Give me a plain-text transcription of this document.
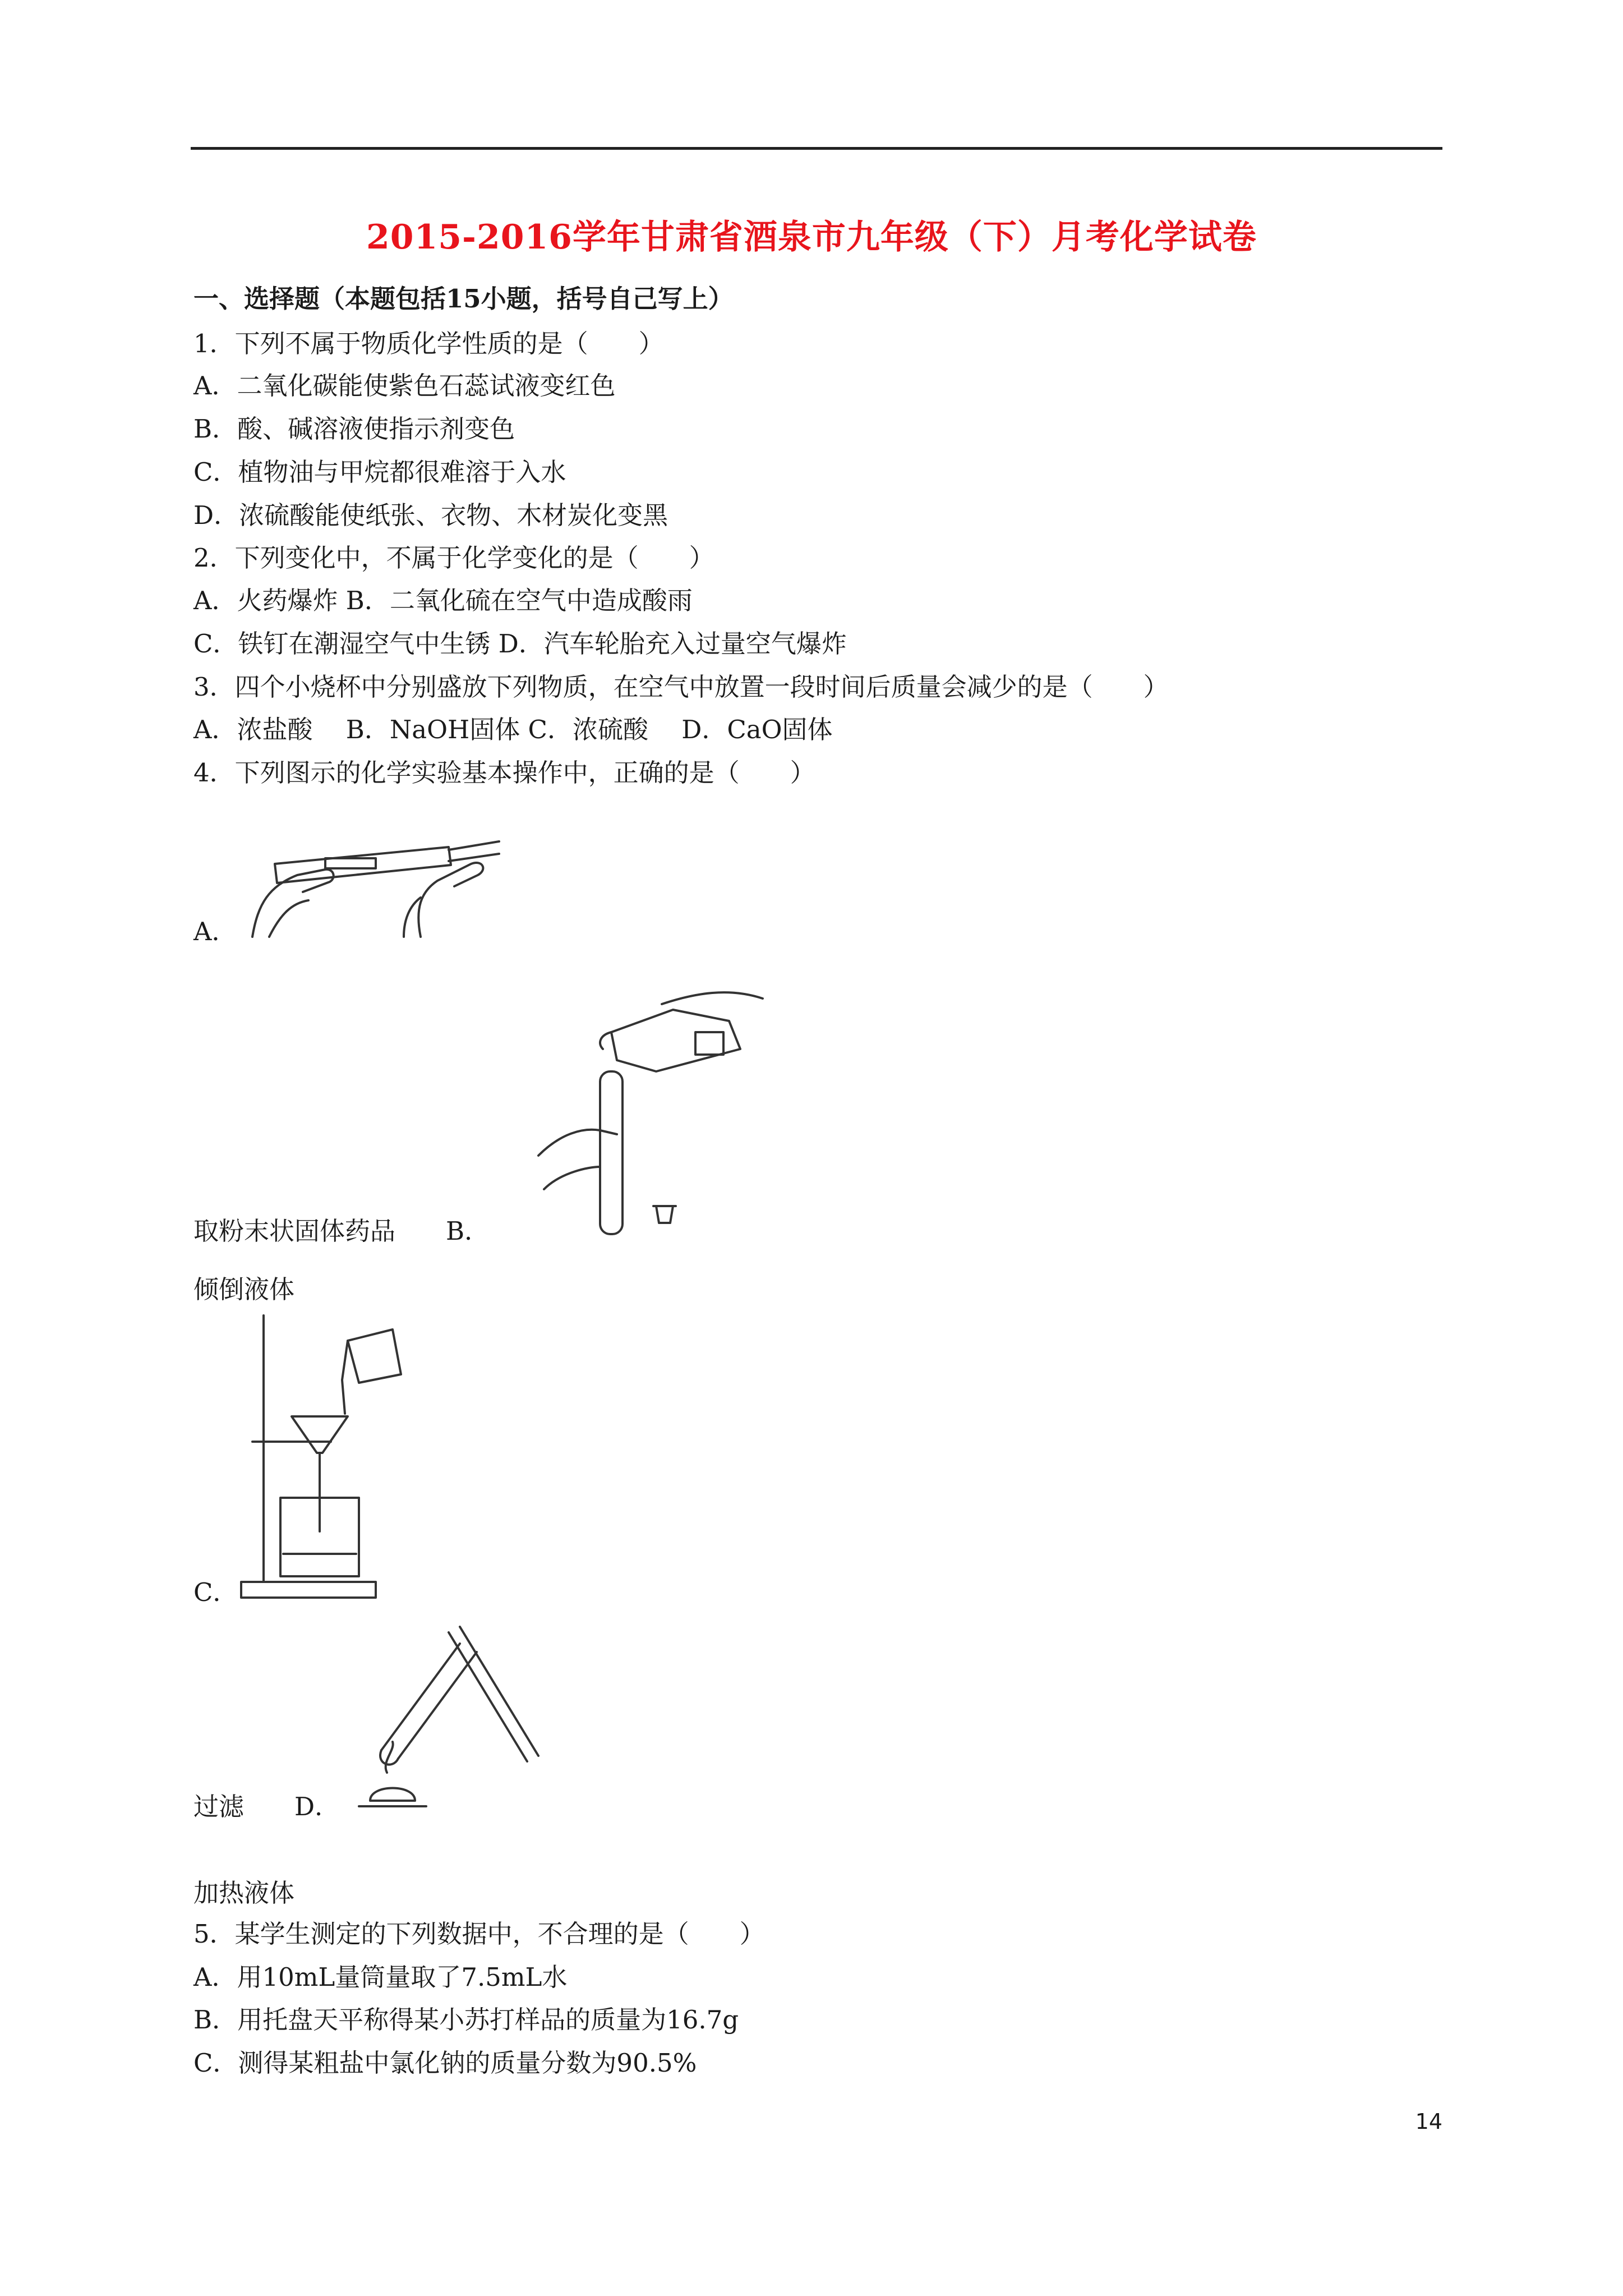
2015-2016学年甘肃省酒泉市九年级（下）月考化学试卷
一、选择题（本题包括15小题，括号自己写上）
1．下列不属于物质化学性质的是（　　）
A．二氧化碳能使紫色石蕊试液变红色
B．酸、碱溶液使指示剂变色
C．植物油与甲烷都很难溶于入水
D．浓硫酸能使纸张、衣物、木材炭化变黑
2．下列变化中，不属于化学变化的是（　　）
A．火药爆炸 B．二氧化硫在空气中造成酸雨
C．铁钉在潮湿空气中生锈 D．汽车轮胎充入过量空气爆炸
3．四个小烧杯中分别盛放下列物质，在空气中放置一段时间后质量会减少的是（　　）
A．浓盐酸　 B．NaOH固体 C．浓硫酸　 D．CaO固体
4．下列图示的化学实验基本操作中，正确的是（　　）
A．
取粉末状固体药品　　B．
倾倒液体
C．
过滤　　D．
加热液体
5．某学生测定的下列数据中，不合理的是（　　）
A．用10mL量筒量取了7.5mL水
B．用托盘天平称得某小苏打样品的质量为16.7g
C．测得某粗盐中氯化钠的质量分数为90.5%
14
